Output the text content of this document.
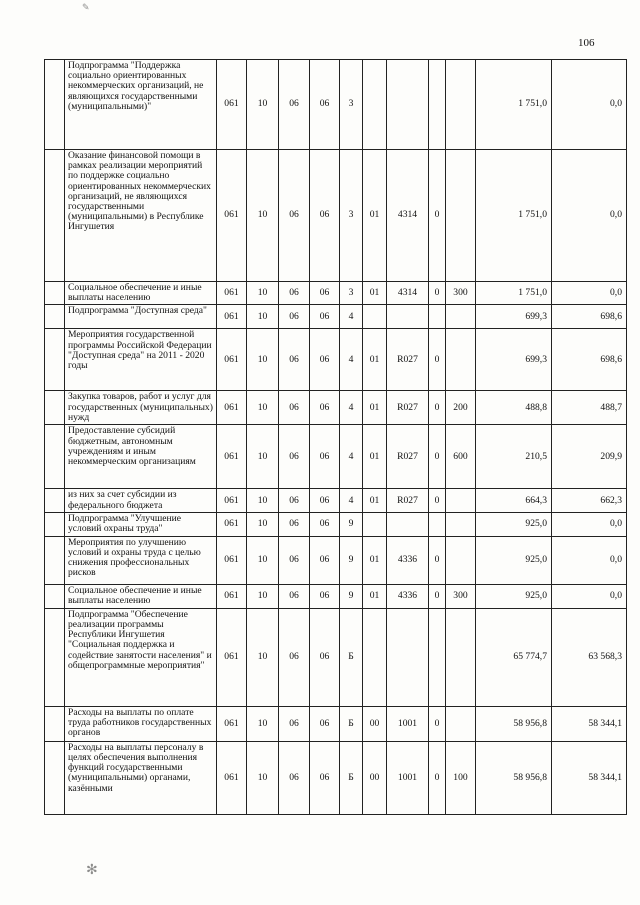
106
✎
✻
	Подпрограмма "Поддержка социально ориентированных некоммерческих организаций, не являющихся государственными (муниципальными)"	061	10	06	06	3					1 751,0	0,0
	Оказание финансовой помощи в рамках реализации мероприятий по поддержке социально ориентированных некоммерческих организаций, не являющихся государственными (муниципальными) в Республике Ингушетия	061	10	06	06	3	01	4314	0		1 751,0	0,0
	Социальное обеспечение и иные выплаты населению	061	10	06	06	3	01	4314	0	300	1 751,0	0,0
	Подпрограмма "Доступная среда"	061	10	06	06	4					699,3	698,6
	Мероприятия государственной программы Российской Федерации "Доступная среда" на 2011 - 2020 годы	061	10	06	06	4	01	R027	0		699,3	698,6
	Закупка товаров, работ и услуг для государственных (муниципальных) нужд	061	10	06	06	4	01	R027	0	200	488,8	488,7
	Предоставление субсидий бюджетным, автономным учреждениям и иным некоммерческим организациям	061	10	06	06	4	01	R027	0	600	210,5	209,9
	из них за счет субсидии из федерального бюджета	061	10	06	06	4	01	R027	0		664,3	662,3
	Подпрограмма "Улучшение условий охраны труда"	061	10	06	06	9					925,0	0,0
	Мероприятия по улучшению условий и охраны труда с целью снижения профессиональных рисков	061	10	06	06	9	01	4336	0		925,0	0,0
	Социальное обеспечение и иные выплаты населению	061	10	06	06	9	01	4336	0	300	925,0	0,0
	Подпрограмма "Обеспечение реализации программы Республики Ингушетия "Социальная поддержка и содействие занятости населения" и общепрограммные мероприятия"	061	10	06	06	Б					65 774,7	63 568,3
	Расходы на выплаты по оплате труда работников государственных органов	061	10	06	06	Б	00	1001	0		58 956,8	58 344,1
	Расходы на выплаты персоналу в целях обеспечения выполнения функций государственными (муниципальными) органами, казёнными	061	10	06	06	Б	00	1001	0	100	58 956,8	58 344,1
